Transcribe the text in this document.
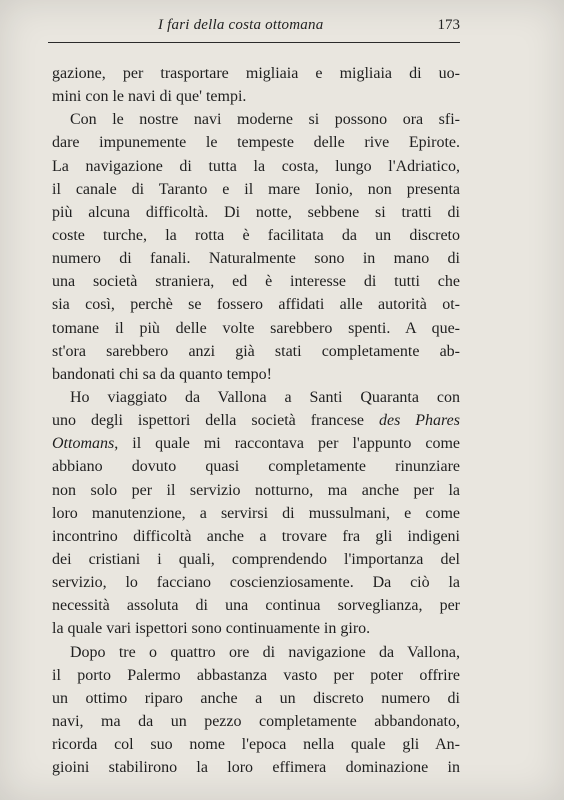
I fari della costa ottomana	173
gazione, per trasportare migliaia e migliaia di uo-
mini con le navi di que' tempi.
Con le nostre navi moderne si possono ora sfi-
dare impunemente le tempeste delle rive Epirote.
La navigazione di tutta la costa, lungo l'Adriatico,
il canale di Taranto e il mare Ionio, non presenta
più alcuna difficoltà. Di notte, sebbene si tratti di
coste turche, la rotta è facilitata da un discreto
numero di fanali. Naturalmente sono in mano di
una società straniera, ed è interesse di tutti che
sia così, perchè se fossero affidati alle autorità ot-
tomane il più delle volte sarebbero spenti. A que-
st'ora sarebbero anzi già stati completamente ab-
bandonati chi sa da quanto tempo!
Ho viaggiato da Vallona a Santi Quaranta con
uno degli ispettori della società francese des Phares
Ottomans, il quale mi raccontava per l'appunto come
abbiano dovuto quasi completamente rinunziare
non solo per il servizio notturno, ma anche per la
loro manutenzione, a servirsi di mussulmani, e come
incontrino difficoltà anche a trovare fra gli indigeni
dei cristiani i quali, comprendendo l'importanza del
servizio, lo facciano coscienziosamente. Da ciò la
necessità assoluta di una continua sorveglianza, per
la quale vari ispettori sono continuamente in giro.
Dopo tre o quattro ore di navigazione da Vallona,
il porto Palermo abbastanza vasto per poter offrire
un ottimo riparo anche a un discreto numero di
navi, ma da un pezzo completamente abbandonato,
ricorda col suo nome l'epoca nella quale gli An-
gioini stabilirono la loro effimera dominazione in
